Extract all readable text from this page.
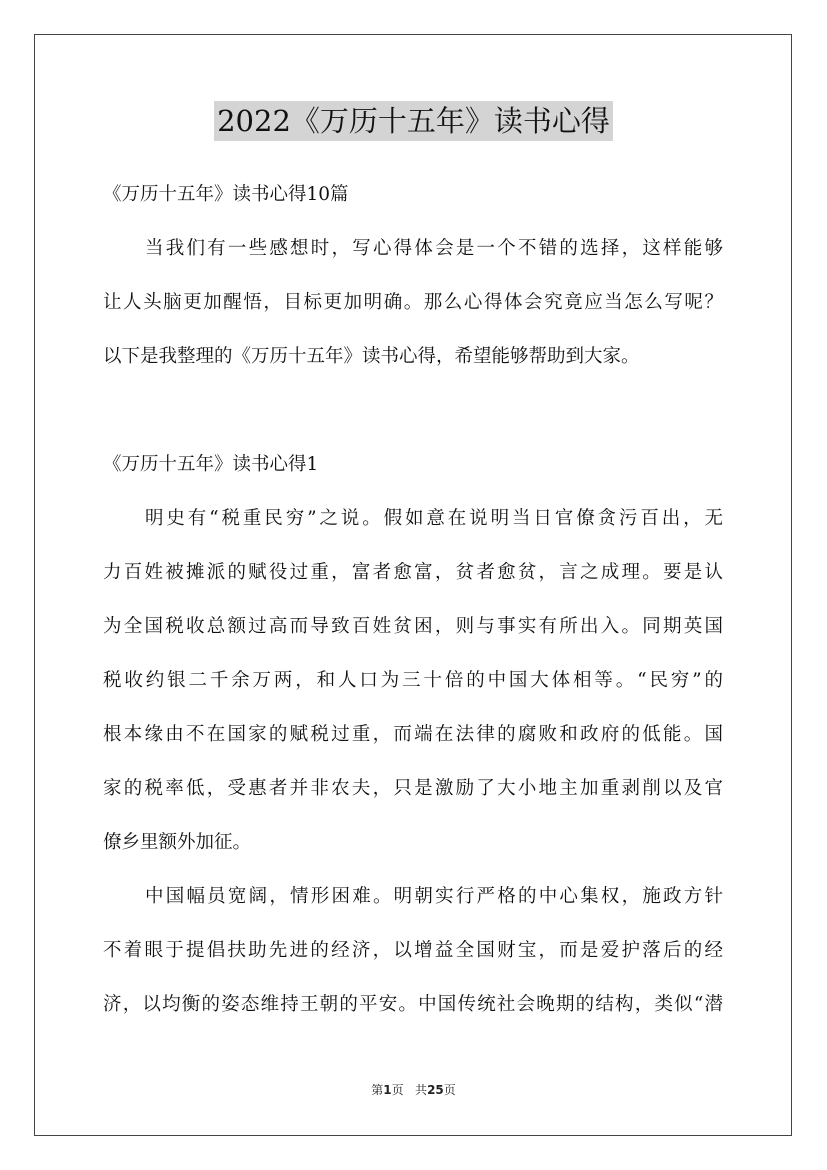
2022《万历十五年》读书心得
《万历十五年》读书心得10篇
当我们有一些感想时，写心得体会是一个不错的选择，这样能够
让人头脑更加醒悟，目标更加明确。那么心得体会究竟应当怎么写呢？
以下是我整理的《万历十五年》读书心得，希望能够帮助到大家。
《万历十五年》读书心得1
明史有“税重民穷”之说。假如意在说明当日官僚贪污百出，无
力百姓被摊派的赋役过重，富者愈富，贫者愈贫，言之成理。要是认
为全国税收总额过高而导致百姓贫困，则与事实有所出入。同期英国
税收约银二千余万两，和人口为三十倍的中国大体相等。“民穷”的
根本缘由不在国家的赋税过重，而端在法律的腐败和政府的低能。国
家的税率低，受惠者并非农夫，只是激励了大小地主加重剥削以及官
僚乡里额外加征。
中国幅员宽阔，情形困难。明朝实行严格的中心集权，施政方针
不着眼于提倡扶助先进的经济，以增益全国财宝，而是爱护落后的经
济，以均衡的姿态维持王朝的平安。中国传统社会晚期的结构，类似“潜
第1页 共25页
